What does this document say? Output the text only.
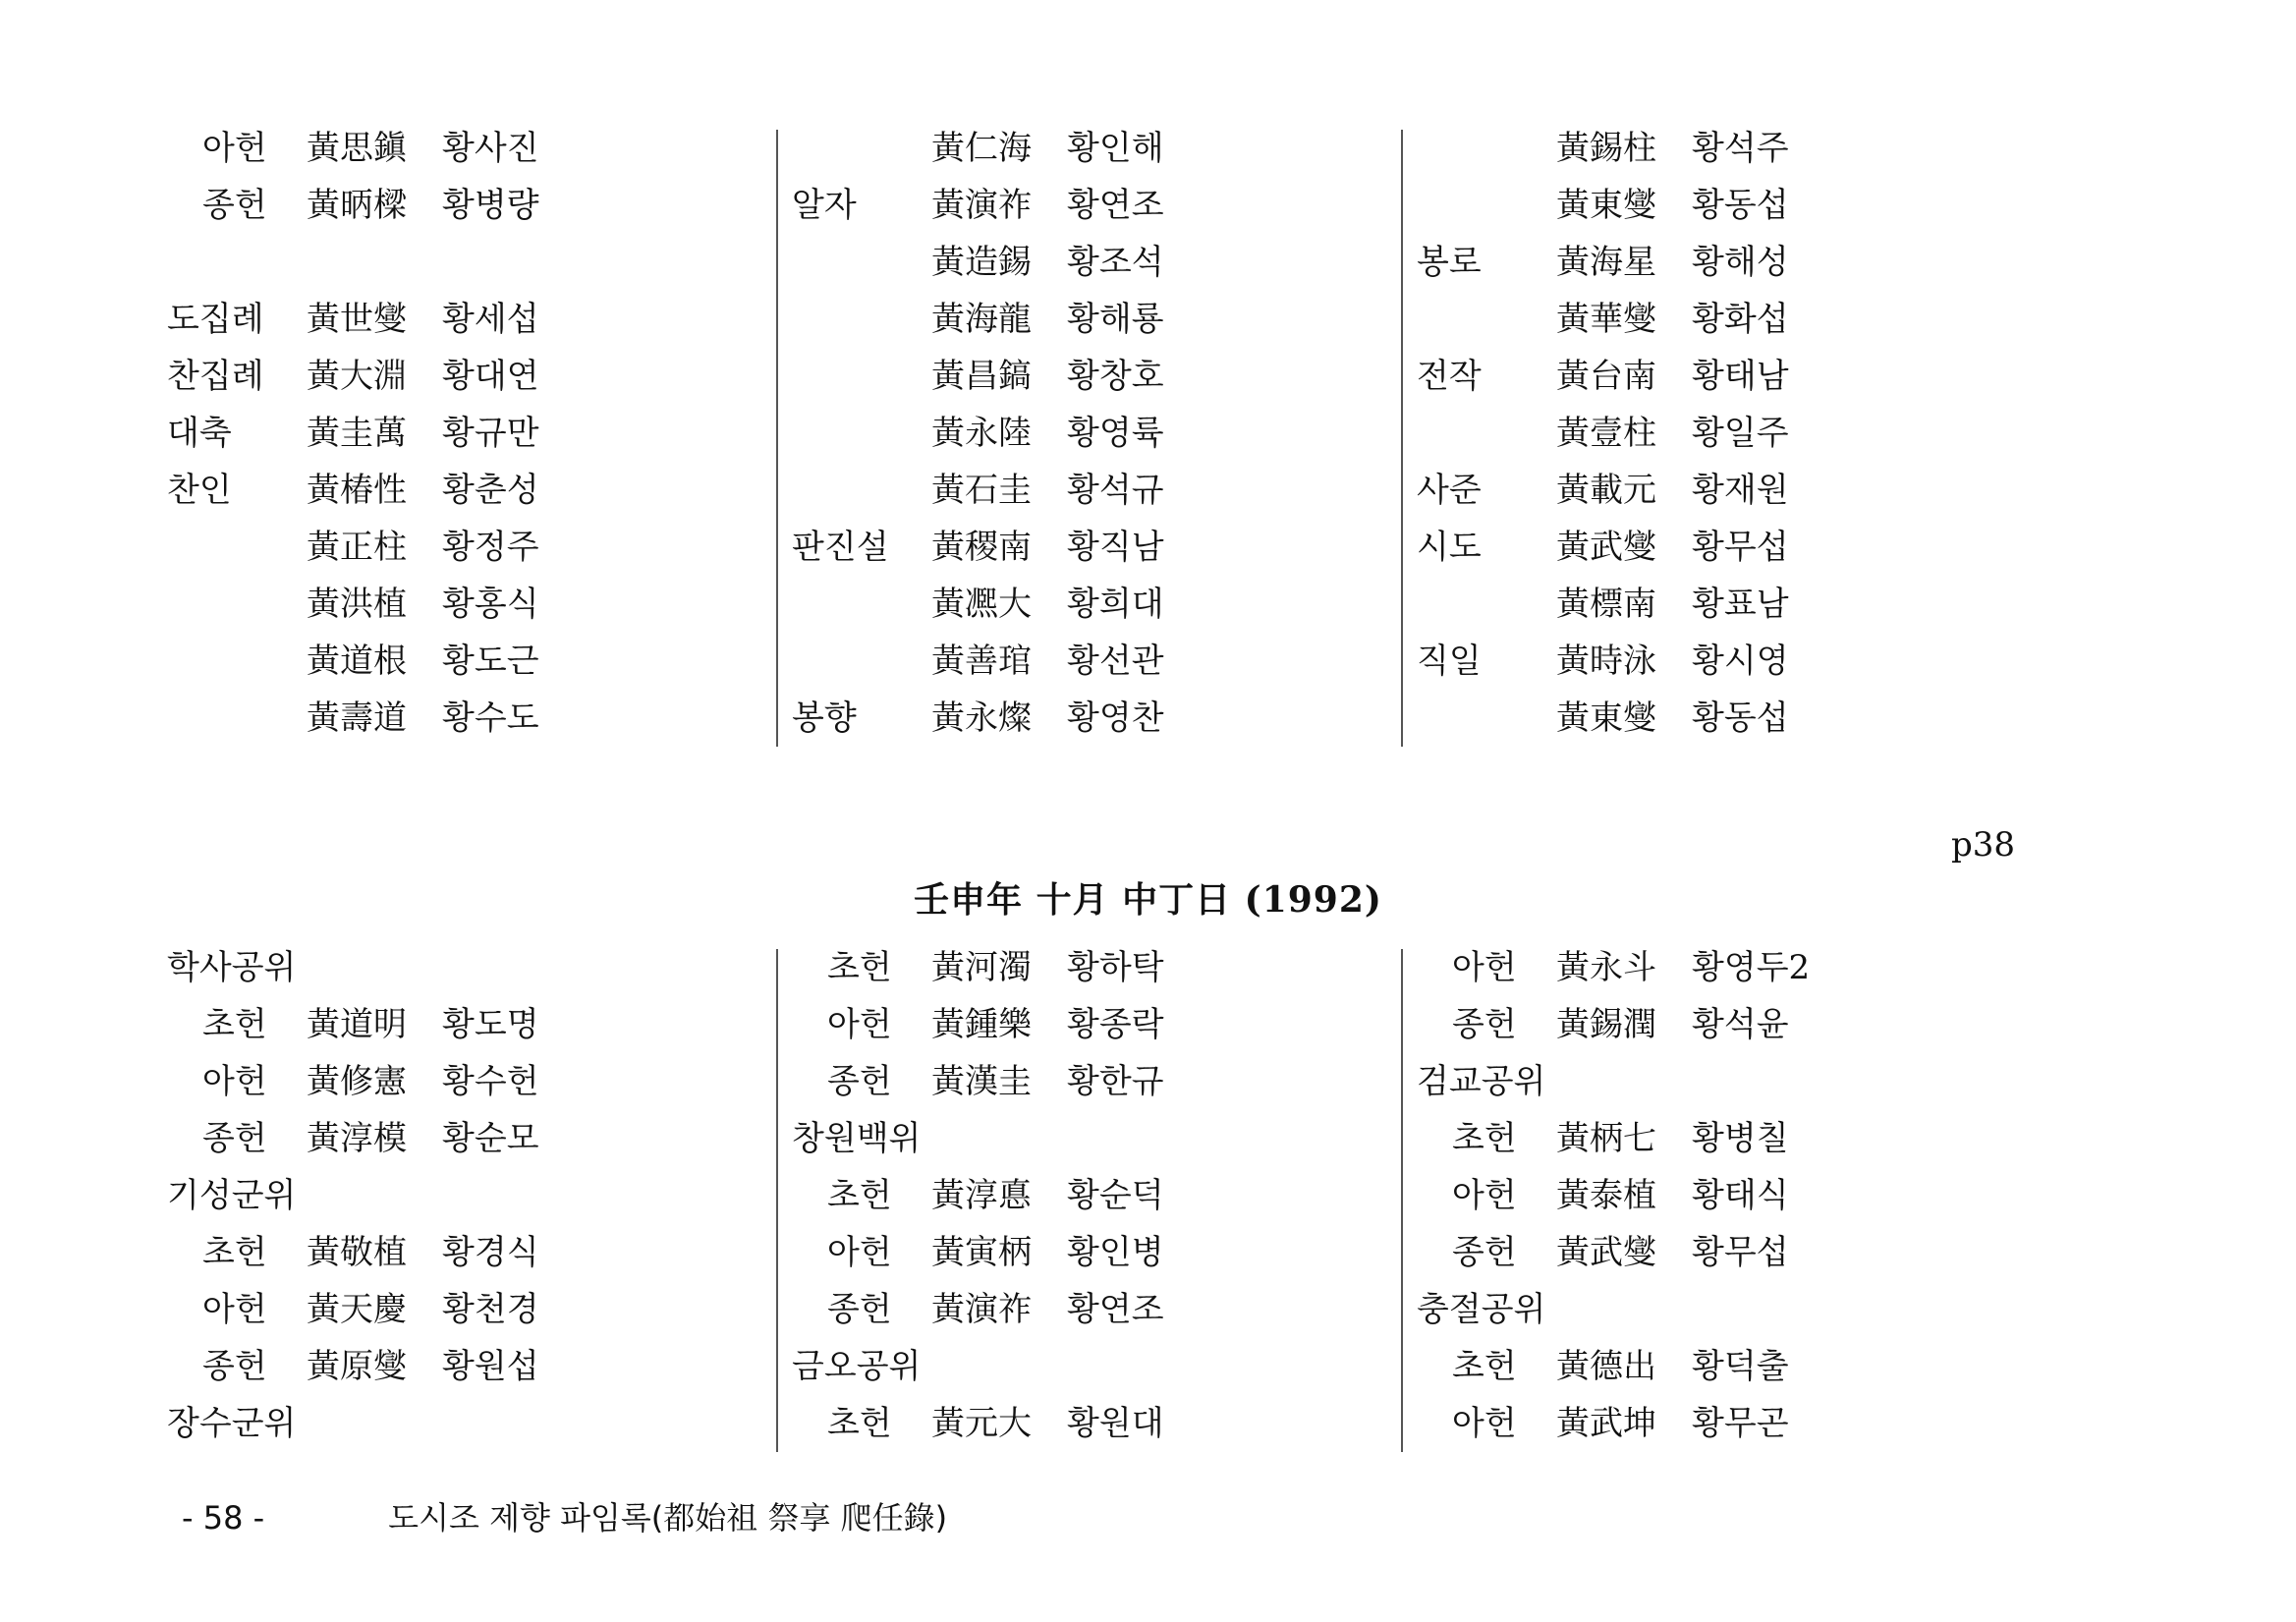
아헌 黃思鎭 황사진
종헌 黃昞樑 황병량
도집례 黃世燮 황세섭
찬집례 黃大淵 황대연
대축 黃圭萬 황규만
찬인 黃椿性 황춘성
黃正柱 황정주
黃洪植 황홍식
黃道根 황도근
黃壽道 황수도
黃仁海 황인해
알자 黃演祚 황연조
黃造錫 황조석
黃海龍 황해룡
黃昌鎬 황창호
黃永陸 황영륙
黃石圭 황석규
판진설 黃稷南 황직남
黃凞大 황희대
黃善琯 황선관
봉향 黃永燦 황영찬
黃錫柱 황석주
黃東燮 황동섭
봉로 黃海星 황해성
黃華燮 황화섭
전작 黃台南 황태남
黃壹柱 황일주
사준 黃載元 황재원
시도 黃武燮 황무섭
黃標南 황표남
직일 黃時泳 황시영
黃東燮 황동섭
p38
壬申年 十月 中丁日 (1992)
학사공위
초헌 黃道明 황도명
아헌 黃修憲 황수헌
종헌 黃淳模 황순모
기성군위
초헌 黃敬植 황경식
아헌 黃天慶 황천경
종헌 黃原燮 황원섭
장수군위
초헌 黃河濁 황하탁
아헌 黃鍾樂 황종락
종헌 黃漢圭 황한규
창원백위
초헌 黃淳悳 황순덕
아헌 黃寅柄 황인병
종헌 黃演祚 황연조
금오공위
초헌 黃元大 황원대
아헌 黃永斗 황영두2
종헌 黃錫潤 황석윤
검교공위
초헌 黃柄七 황병칠
아헌 黃泰植 황태식
종헌 黃武燮 황무섭
충절공위
초헌 黃德出 황덕출
아헌 黃武坤 황무곤
- 58 -	도시조 제향 파임록(都始祖 祭享 爬任錄)
